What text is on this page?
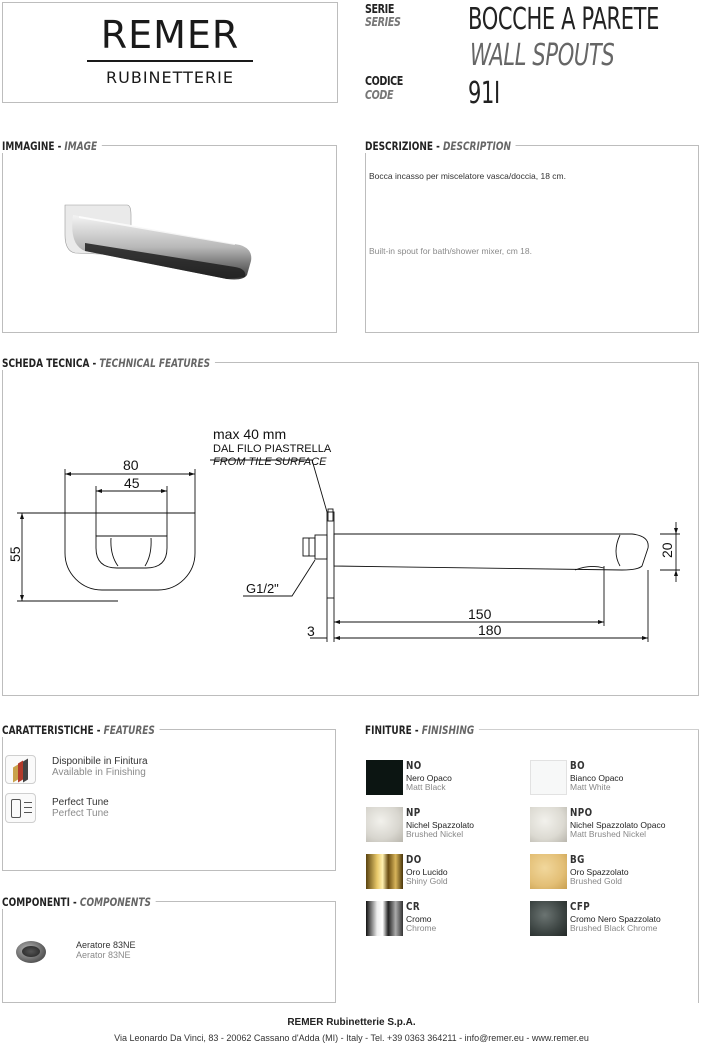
REMER
RUBINETTERIE
SERIE
SERIES BOCCHE A PARETE
WALL SPOUTS
CODICE
CODE 91I
IMMAGINE - IMAGE	DESCRIZIONE - DESCRIPTION
Bocca incasso per miscelatore vasca/doccia, 18 cm.
Built-in spout for bath/shower mixer, cm 18.
SCHEDA TECNICA - TECHNICAL FEATURES
max 40 mm
DAL FILO PIASTRELLA
FROM TILE SURFACE
80
45
55
G1/2"
20
150
180
3
CARATTERISTICHE - FEATURES
Disponibile in Finitura
Available in Finishing
Perfect Tune
Perfect Tune
COMPONENTI - COMPONENTS
Aeratore 83NE
Aerator 83NE
FINITURE - FINISHING
NO
Nero Opaco
Matt Black
BO
Bianco Opaco
Matt White
NP
Nichel Spazzolato
Brushed Nickel
NPO
Nichel Spazzolato Opaco
Matt Brushed Nickel
DO
Oro Lucido
Shiny Gold
BG
Oro Spazzolato
Brushed Gold
CR
Cromo
Chrome
CFP
Cromo Nero Spazzolato
Brushed Black Chrome
REMER Rubinetterie S.p.A.
Via Leonardo Da Vinci, 83 - 20062 Cassano d'Adda (MI) - Italy - Tel. +39 0363 364211 - info@remer.eu - www.remer.eu
